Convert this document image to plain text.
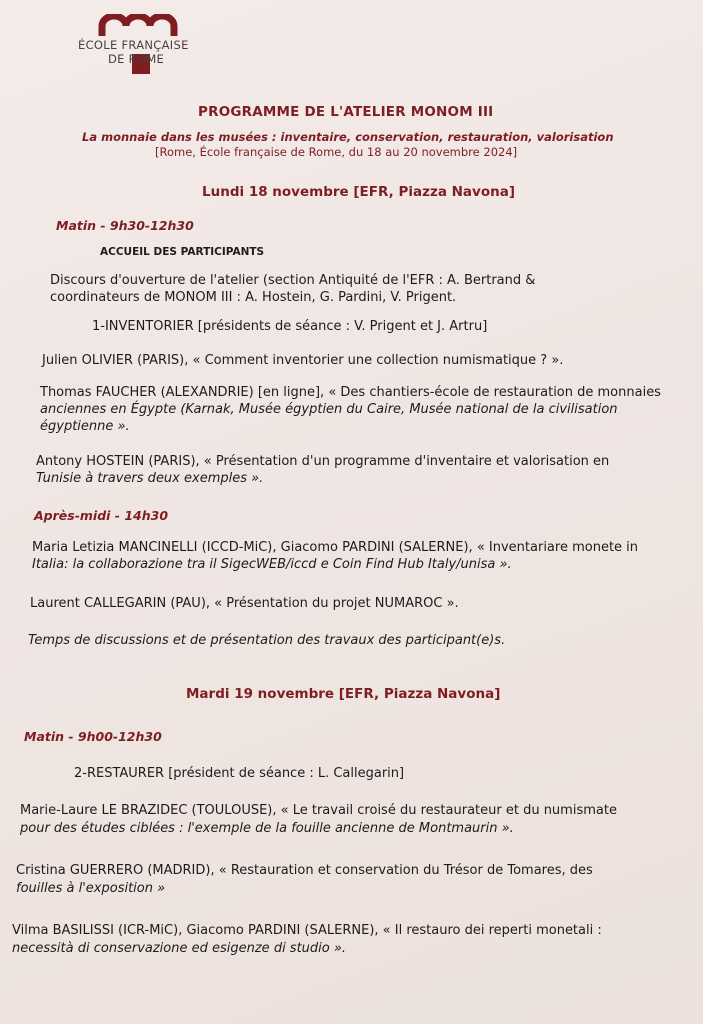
ÉCOLE FRANÇAISE
DE ROME
PROGRAMME DE L'ATELIER MONOM III
La monnaie dans les musées : inventaire, conservation, restauration, valorisation
[Rome, École française de Rome, du 18 au 20 novembre 2024]
Lundi 18 novembre [EFR, Piazza Navona]
Matin - 9h30-12h30
ACCUEIL DES PARTICIPANTS
Discours d'ouverture de l'atelier (section Antiquité de l'EFR : A. Bertrand &
coordinateurs de MONOM III : A. Hostein, G. Pardini, V. Prigent.
1-INVENTORIER [présidents de séance : V. Prigent et J. Artru]
Julien OLIVIER (PARIS), « Comment inventorier une collection numismatique ? ».
Thomas FAUCHER (ALEXANDRIE) [en ligne], « Des chantiers-école de restauration de monnaies
anciennes en Égypte (Karnak, Musée égyptien du Caire, Musée national de la civilisation
égyptienne ».
Antony HOSTEIN (PARIS), « Présentation d'un programme d'inventaire et valorisation en
Tunisie à travers deux exemples ».
Après-midi - 14h30
Maria Letizia MANCINELLI (ICCD-MiC), Giacomo PARDINI (SALERNE), « Inventariare monete in
Italia: la collaborazione tra il SigecWEB/iccd e Coin Find Hub Italy/unisa ».
Laurent CALLEGARIN (PAU), « Présentation du projet NUMAROC ».
Temps de discussions et de présentation des travaux des participant(e)s.
Mardi 19 novembre [EFR, Piazza Navona]
Matin - 9h00-12h30
2-RESTAURER [président de séance : L. Callegarin]
Marie-Laure LE BRAZIDEC (TOULOUSE), « Le travail croisé du restaurateur et du numismate
pour des études ciblées : l'exemple de la fouille ancienne de Montmaurin ».
Cristina GUERRERO (MADRID), « Restauration et conservation du Trésor de Tomares, des
fouilles à l'exposition »
Vilma BASILISSI (ICR-MiC), Giacomo PARDINI (SALERNE), « Il restauro dei reperti monetali :
necessità di conservazione ed esigenze di studio ».
